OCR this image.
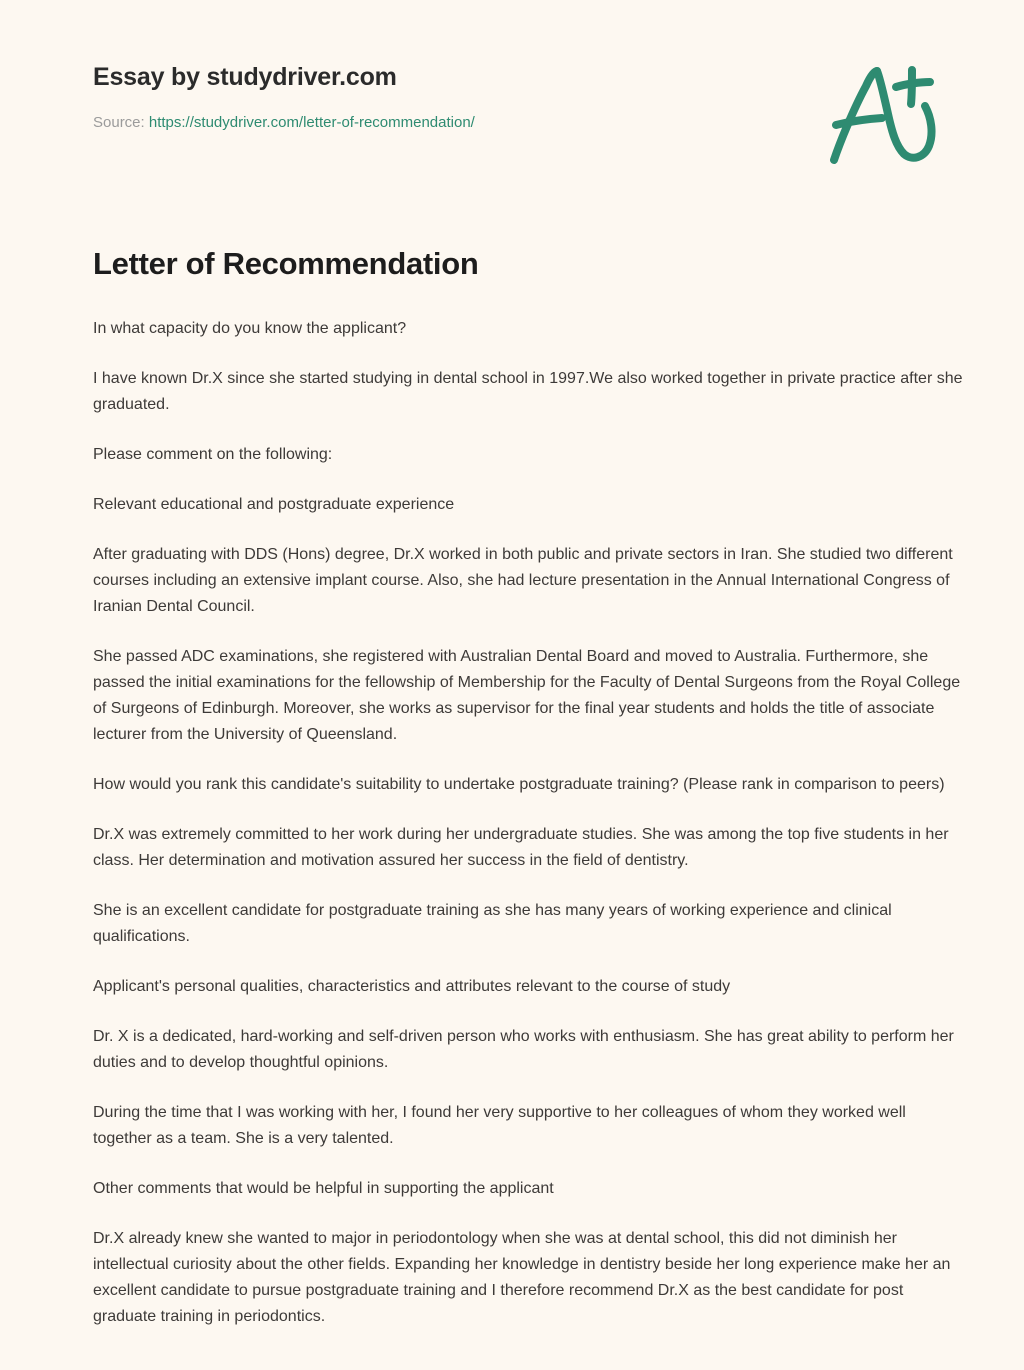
Essay by studydriver.com

Source: https://studydriver.com/letter-of-recommendation/

Letter of Recommendation

In what capacity do you know the applicant?

I have known Dr.X since she started studying in dental school in 1997.We also worked together in private practice after she graduated.

Please comment on the following:

Relevant educational and postgraduate experience

After graduating with DDS (Hons) degree, Dr.X worked in both public and private sectors in Iran. She studied two different courses including an extensive implant course. Also, she had lecture presentation in the Annual International Congress of Iranian Dental Council.

She passed ADC examinations, she registered with Australian Dental Board and moved to Australia. Furthermore, she passed the initial examinations for the fellowship of Membership for the Faculty of Dental Surgeons from the Royal College of Surgeons of Edinburgh. Moreover, she works as supervisor for the final year students and holds the title of associate lecturer from the University of Queensland.

How would you rank this candidate's suitability to undertake postgraduate training? (Please rank in comparison to peers)

Dr.X was extremely committed to her work during her undergraduate studies. She was among the top five students in her class. Her determination and motivation assured her success in the field of dentistry.

She is an excellent candidate for postgraduate training as she has many years of working experience and clinical qualifications.

Applicant's personal qualities, characteristics and attributes relevant to the course of study

Dr. X is a dedicated, hard-working and self-driven person who works with enthusiasm. She has great ability to perform her duties and to develop thoughtful opinions.

During the time that I was working with her, I found her very supportive to her colleagues of whom they worked well together as a team. She is a very talented.

Other comments that would be helpful in supporting the applicant

Dr.X already knew she wanted to major in periodontology when she was at dental school, this did not diminish her intellectual curiosity about the other fields. Expanding her knowledge in dentistry beside her long experience make her an excellent candidate to pursue postgraduate training and I therefore recommend Dr.X as the best candidate for post graduate training in periodontics.
